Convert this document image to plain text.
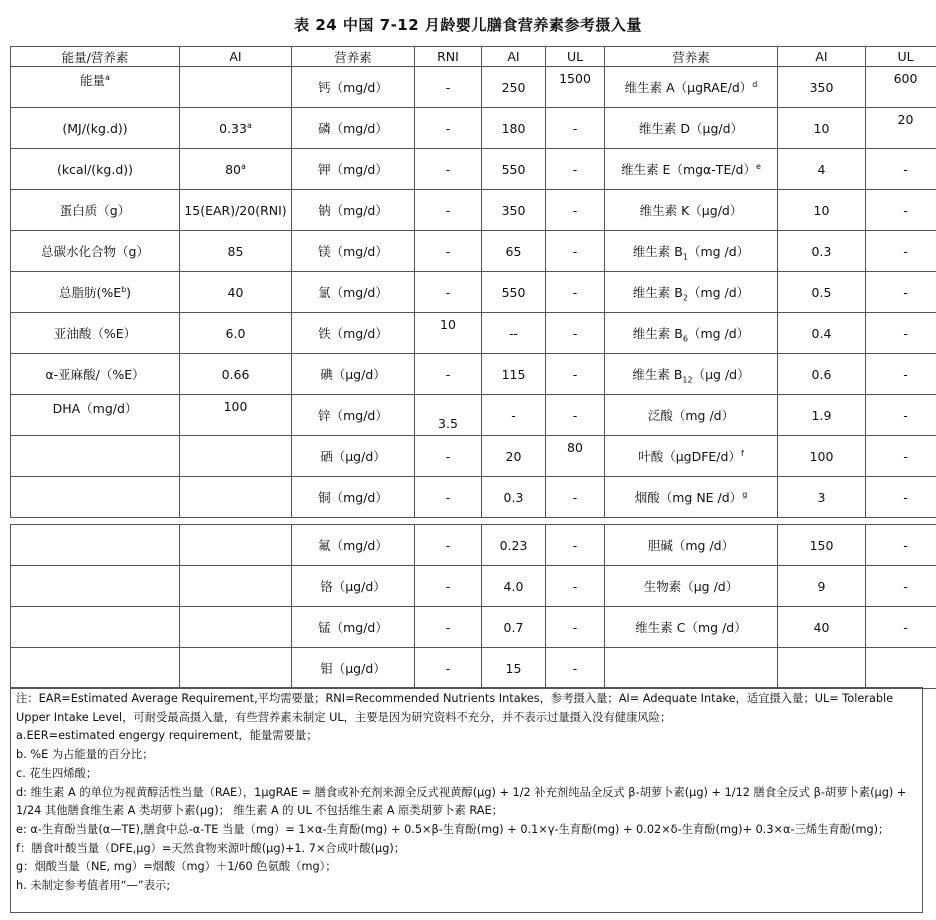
表 24 中国 7-12 月龄婴儿膳食营养素参考摄入量
能量/营养素	AI	营养素	RNI	AI	UL	营养素	AI	UL

能量$^a$		钙（mg/d）	-	250	1500	维生素 A（μgRAE/d）$^d$	350	600

(MJ/(kg.d))	0.33$^a$	磷（mg/d）	-	180	-	维生素 D（μg/d）	10	20

(kcal/(kg.d))	80$^a$	钾（mg/d）	-	550	-	维生素 $E(mg\alpha-TE/d)^e$	4	-
蛋白质（g）	15(EAR)/20(RNI)	钠（mg/d）	-	350	-	维生素 K（μg/d）	10	-
总碳水化合物（g）	85	镁（mg/d）	-	65	-	维生素 $B_1(mg$ /d）	0.3	-
总脂肪$(\%E^b)$	40	氯（mg/d）	-	550	-	维生素 $B_2(mg$ /d）	0.5	-
亚油酸（%E）	6.0	铁（mg/d）	10	--	-	维生素 $B_6(mg$ /d）	0.4	-
α-亚麻酸/（%E）	0.66	碘（μg/d）	-	115	-	维生素 $B_{12}(\mu g$ /d）	0.6	-

DHA（mg/d）	100	锌（mg/d）	3.5	-	-	泛酸（mg /d）	1.9	-
		硒（μg/d）	-	20	80	叶酸（μgDFE/d）$^f$	100	-
		铜（mg/d）	-	0.3	-	烟酸（mg NE /d）$^g$	3	-
		氟（mg/d）	-	0.23	-	胆碱（mg /d）	150	-
		铬（μg/d）	-	4.0	-	生物素（μg /d）	9	-
		锰（mg/d）	-	0.7	-	维生素 C（mg /d）	40	-
		钼（μg/d）	-	15	-			
注：EAR=Estimated Average Requirement,平均需要量；RNI=Recommended Nutrients Intakes，参考摄入量；AI= Adequate Intake，适宜摄入量；UL= Tolerable Upper Intake Level，可耐受最高摄入量，有些营养素未制定 UL，主要是因为研究资料不充分，并不表示过量摄入没有健康风险；
a.EER=estimated engergy requirement，能量需要量；
b. %E 为占能量的百分比；
c. 花生四烯酸；
d: 维生素 A 的单位为视黄醇活性当量（RAE），1μgRAE = 膳食或补充剂来源全反式视黄醇(μg) + 1/2 补充剂纯品全反式 β-胡萝卜素(μg) + 1/12 膳食全反式 β-胡萝卜素(μg) + 1/24 其他膳食维生素 A 类胡萝卜素(μg)； 维生素 A 的 UL 不包括维生素 A 原类胡萝卜素 RAE；
e: α-生育酚当量(α—TE),膳食中总-α-TE 当量（mg）= 1×α-生育酚(mg) + 0.5×β-生育酚(mg) + 0.1×γ-生育酚(mg) + 0.02×δ-生育酚(mg)+ 0.3×α-三烯生育酚(mg)；
f：膳食叶酸当量（DFE,μg）=天然食物来源叶酸(μg)+1. 7×合成叶酸(μg)；
g：烟酸当量（NE, mg）=烟酸（mg）＋1/60 色氨酸（mg）；
h. 未制定参考值者用“—”表示;
